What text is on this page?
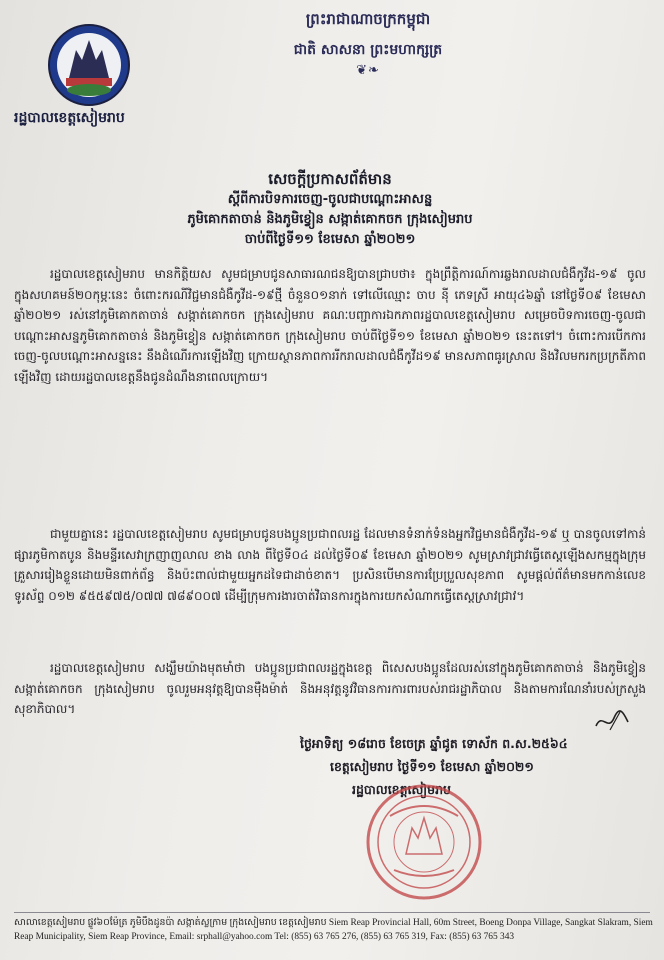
រដ្ឋបាលខេត្តសៀមរាប

ព្រះរាជាណាចក្រកម្ពុជា
ជាតិ សាសនា ព្រះមហាក្សត្រ
❦❧
សេចក្តីប្រកាសព័ត៌មាន
ស្តីពីការបិទការចេញ-ចូលជាបណ្ដោះអាសន្ន
ភូមិគោកតាចាន់ និងភូមិខ្វៀន សង្កាត់គោកចក ក្រុងសៀមរាប
ចាប់ពីថ្ងៃទី១១ ខែមេសា ឆ្នាំ២០២១

រដ្ឋបាលខេត្តសៀមរាប មានកិត្តិយស សូមជម្រាបជូនសាធារណជនឱ្យបានជ្រាបថា៖ ក្នុងព្រឹត្តិការណ៍ការឆ្លងរាលដាលជំងឺកូវីដ-១៩ ចូលក្នុងសហគមន៍២០កុម្ភៈនេះ ចំពោះករណីវិជ្ជមានជំងឺកូវីដ-១៩ថ្មី ចំនួន០១នាក់ ទៅលើឈ្មោះ ចាប ន៉ី ភេទស្រី អាយុ៤៦ឆ្នាំ នៅថ្ងៃទី០៩ ខែមេសា ឆ្នាំ២០២១ រស់នៅភូមិគោកតាចាន់ សង្កាត់គោកចក ក្រុងសៀមរាប គណៈបញ្ជាការឯកភាពរដ្ឋបាលខេត្តសៀមរាប សម្រេចបិទការចេញ-ចូលជាបណ្ដោះអាសន្នភូមិគោកតាចាន់ និងភូមិខ្វៀន សង្កាត់គោកចក ក្រុងសៀមរាប ចាប់ពីថ្ងៃទី១១ ខែមេសា ឆ្នាំ២០២១ នេះតទៅ។ ចំពោះការបើកការចេញ-ចូលបណ្ដោះអាសន្ននេះ នឹងដំណើរការឡើងវិញ ក្រោយស្ថានភាពការរីករាលដាលជំងឺកូវីដ១៩ មានសភាពធូរស្រាល និងវិលមករកប្រក្រតីភាពឡើងវិញ ដោយរដ្ឋបាលខេត្តនឹងជូនដំណឹងនាពេលក្រោយ។

ជាមួយគ្នានេះ រដ្ឋបាលខេត្តសៀមរាប សូមជម្រាបជូនបងប្អូនប្រជាពលរដ្ឋ ដែលមានទំនាក់ទំនងអ្នកវិជ្ជមានជំងឺកូវីដ-១៩ ឬ បានចូលទៅកាន់ ផ្សារភូមិកាតបូន និងមន្ទីរសេវាក្រញាញលាល ខាង លាង ពីថ្ងៃទី០៤ ដល់ថ្ងៃទី០៩ ខែមេសា ឆ្នាំ២០២១ សូមស្រាវជ្រាវធ្វើតេស្តឡើងសកម្មក្នុងក្រុមគ្រួសាររៀងខ្លួនដោយមិនពាក់ព័ន្ធ និងប៉ះពាល់ជាមួយអ្នកដទៃជាដាច់ខាត។ ប្រសិនបើមានការប្រែប្រួលសុខភាព សូមផ្ដល់ព័ត៌មានមកកាន់លេខទូរស័ព្ទ ០១២ ៩៥៥៩៧៥/០៧៧ ៧៨៩០០៧ ដើម្បីក្រុមការងារចាត់វិធានការក្នុងការយកសំណាកធ្វើតេស្តស្រាវជ្រាវ។

រដ្ឋបាលខេត្តសៀមរាប សង្ឃឹមយ៉ាងមុតមាំថា បងប្អូនប្រជាពលរដ្ឋក្នុងខេត្ត ពិសេសបងប្អូនដែលរស់នៅក្នុងភូមិគោកតាចាន់ និងភូមិខ្វៀន សង្កាត់គោកចក ក្រុងសៀមរាប ចូលរួមអនុវត្តឱ្យបានម៉ឺងម៉ាត់ និងអនុវត្តនូវវិធានការការពារបស់រាជរដ្ឋាភិបាល និងតាមការណែនាំរបស់ក្រសួងសុខាភិបាល។

ថ្ងៃអាទិត្យ ១៨រោច ខែចេត្រ ឆ្នាំជូត ទោស័ក ព.ស.២៥៦៤

ខេត្តសៀមរាប ថ្ងៃទី១១ ខែមេសា ឆ្នាំ២០២១

រដ្ឋបាលខេត្តសៀមរាប

សាលាខេត្តសៀមរាប ផ្លូវ៦០ម៉ែត្រ ភូមិបឹងដូនប៉ា សង្កាត់ស្លក្រាម ក្រុងសៀមរាប ខេត្តសៀមរាប Siem Reap Provincial Hall, 60m Street, Boeng Donpa Village, Sangkat Slakram, Siem Reap Municipality, Siem Reap Province, Email: srphall@yahoo.com Tel: (855) 63 765 276, (855) 63 765 319, Fax: (855) 63 765 343
